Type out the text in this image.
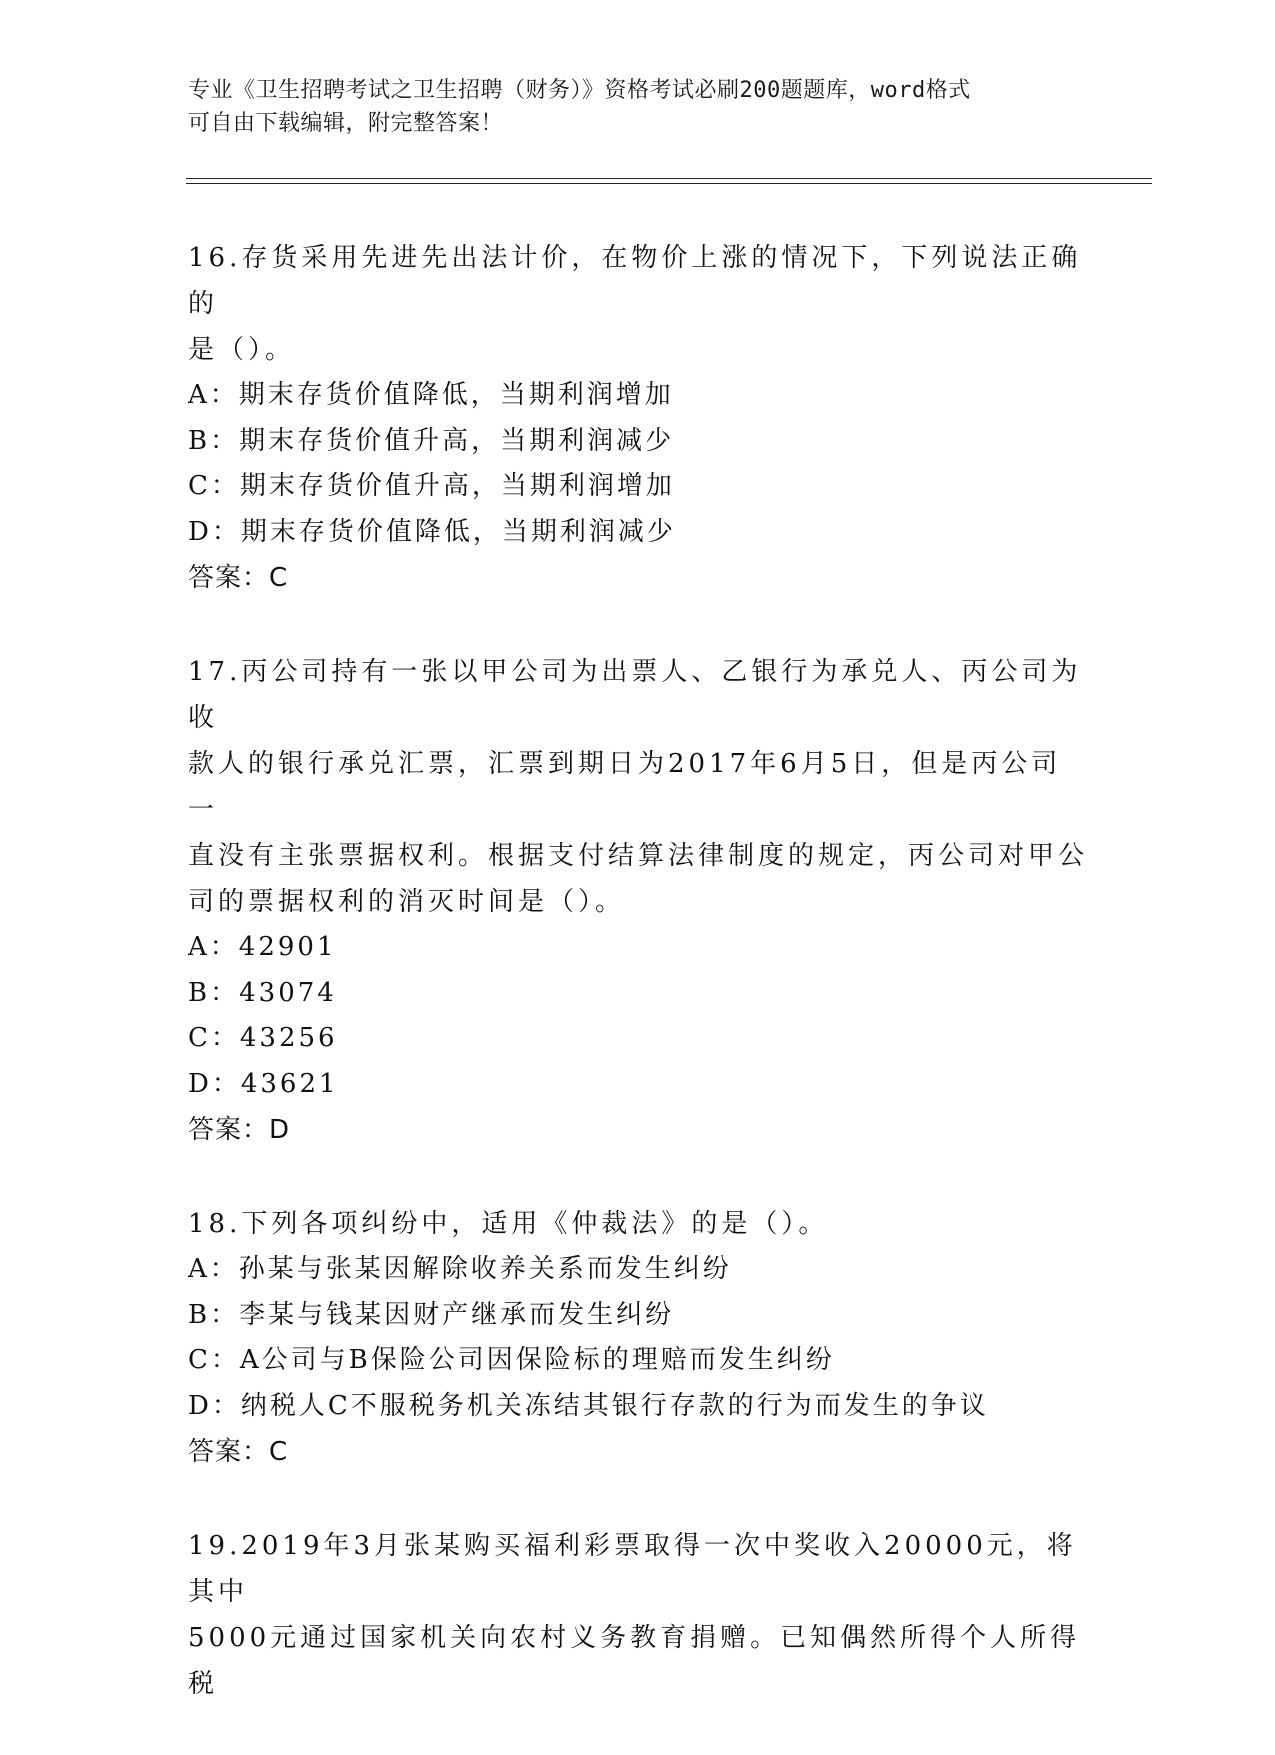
专业《卫生招聘考试之卫生招聘（财务）》资格考试必刷200题题库，word格式
可自由下载编辑，附完整答案！

16.存货采用先进先出法计价，在物价上涨的情况下，下列说法正确的

是（）。

A：期末存货价值降低，当期利润增加

B：期末存货价值升高，当期利润减少

C：期末存货价值升高，当期利润增加

D：期末存货价值降低，当期利润减少

答案：C

17.丙公司持有一张以甲公司为出票人、乙银行为承兑人、丙公司为收

款人的银行承兑汇票，汇票到期日为2017年6月5日，但是丙公司一

直没有主张票据权利。根据支付结算法律制度的规定，丙公司对甲公

司的票据权利的消灭时间是（）。

A：42901

B：43074

C：43256

D：43621

答案：D

18.下列各项纠纷中，适用《仲裁法》的是（）。

A：孙某与张某因解除收养关系而发生纠纷

B：李某与钱某因财产继承而发生纠纷

C：A公司与B保险公司因保险标的理赔而发生纠纷

D：纳税人C不服税务机关冻结其银行存款的行为而发生的争议

答案：C

19.2019年3月张某购买福利彩票取得一次中奖收入20000元，将其中

5000元通过国家机关向农村义务教育捐赠。已知偶然所得个人所得税
